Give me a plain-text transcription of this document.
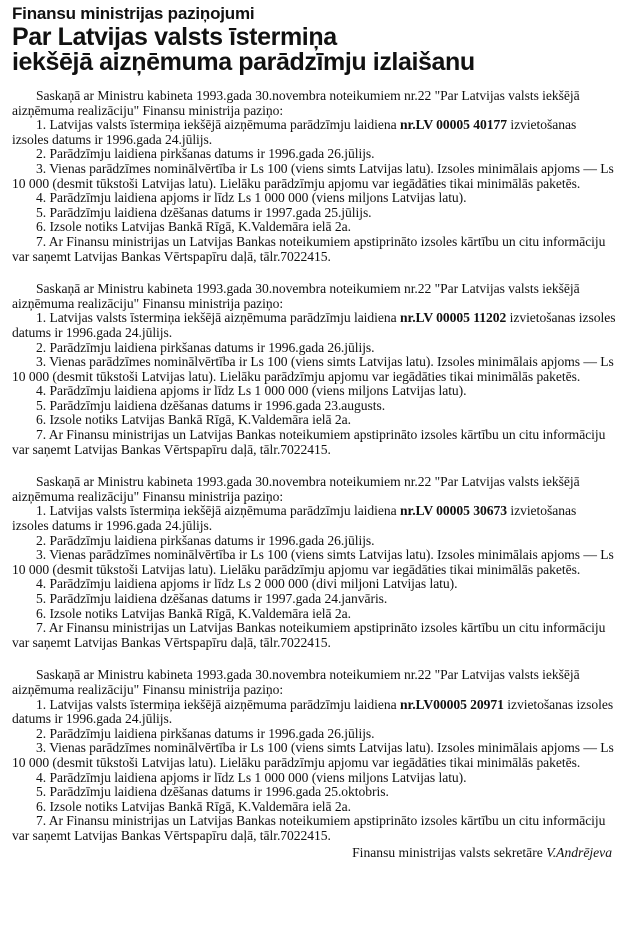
Finansu ministrijas paziņojumi
Par Latvijas valsts īstermiņa
iekšējā aizņēmuma parādzīmju izlaišanu

Saskaņā ar Ministru kabineta 1993.gada 30.novembra noteikumiem nr.22 "Par Latvijas valsts iekšējā aizņēmuma realizāciju" Finansu ministrija paziņo:

1. Latvijas valsts īstermiņa iekšējā aizņēmuma parādzīmju laidiena nr.LV 00005 40177 izvietošanas izsoles datums ir 1996.gada 24.jūlijs.

2. Parādzīmju laidiena pirkšanas datums ir 1996.gada 26.jūlijs.

3. Vienas parādzīmes nominālvērtība ir Ls 100 (viens simts Latvijas latu). Izsoles minimālais apjoms — Ls 10 000 (desmit tūkstoši Latvijas latu). Lielāku parādzīmju apjomu var iegādāties tikai minimālās paketēs.

4. Parādzīmju laidiena apjoms ir līdz Ls 1 000 000 (viens miljons Latvijas latu).

5. Parādzīmju laidiena dzēšanas datums ir 1997.gada 25.jūlijs.

6. Izsole notiks Latvijas Bankā Rīgā, K.Valdemāra ielā 2a.

7. Ar Finansu ministrijas un Latvijas Bankas noteikumiem apstiprināto izsoles kārtību un citu informāciju var saņemt Latvijas Bankas Vērtspapīru daļā, tālr.7022415.

Saskaņā ar Ministru kabineta 1993.gada 30.novembra noteikumiem nr.22 "Par Latvijas valsts iekšējā aizņēmuma realizāciju" Finansu ministrija paziņo:

1. Latvijas valsts īstermiņa iekšējā aizņēmuma parādzīmju laidiena nr.LV 00005 11202 izvietošanas izsoles datums ir 1996.gada 24.jūlijs.

2. Parādzīmju laidiena pirkšanas datums ir 1996.gada 26.jūlijs.

3. Vienas parādzīmes nominālvērtība ir Ls 100 (viens simts Latvijas latu). Izsoles minimālais apjoms — Ls 10 000 (desmit tūkstoši Latvijas latu). Lielāku parādzīmju apjomu var iegādāties tikai minimālās paketēs.

4. Parādzīmju laidiena apjoms ir līdz Ls 1 000 000 (viens miljons Latvijas latu).

5. Parādzīmju laidiena dzēšanas datums ir 1996.gada 23.augusts.

6. Izsole notiks Latvijas Bankā Rīgā, K.Valdemāra ielā 2a.

7. Ar Finansu ministrijas un Latvijas Bankas noteikumiem apstiprināto izsoles kārtību un citu informāciju var saņemt Latvijas Bankas Vērtspapīru daļā, tālr.7022415.

Saskaņā ar Ministru kabineta 1993.gada 30.novembra noteikumiem nr.22 "Par Latvijas valsts iekšējā aizņēmuma realizāciju" Finansu ministrija paziņo:

1. Latvijas valsts īstermiņa iekšējā aizņēmuma parādzīmju laidiena nr.LV 00005 30673 izvietošanas izsoles datums ir 1996.gada 24.jūlijs.

2. Parādzīmju laidiena pirkšanas datums ir 1996.gada 26.jūlijs.

3. Vienas parādzīmes nominālvērtība ir Ls 100 (viens simts Latvijas latu). Izsoles minimālais apjoms — Ls 10 000 (desmit tūkstoši Latvijas latu). Lielāku parādzīmju apjomu var iegādāties tikai minimālās paketēs.

4. Parādzīmju laidiena apjoms ir līdz Ls 2 000 000 (divi miljoni Latvijas latu).

5. Parādzīmju laidiena dzēšanas datums ir 1997.gada 24.janvāris.

6. Izsole notiks Latvijas Bankā Rīgā, K.Valdemāra ielā 2a.

7. Ar Finansu ministrijas un Latvijas Bankas noteikumiem apstiprināto izsoles kārtību un citu informāciju var saņemt Latvijas Bankas Vērtspapīru daļā, tālr.7022415.

Saskaņā ar Ministru kabineta 1993.gada 30.novembra noteikumiem nr.22 "Par Latvijas valsts iekšējā aizņēmuma realizāciju" Finansu ministrija paziņo:

1. Latvijas valsts īstermiņa iekšējā aizņēmuma parādzīmju laidiena nr.LV00005 20971 izvietošanas izsoles datums ir 1996.gada 24.jūlijs.

2. Parādzīmju laidiena pirkšanas datums ir 1996.gada 26.jūlijs.

3. Vienas parādzīmes nominālvērtība ir Ls 100 (viens simts Latvijas latu). Izsoles minimālais apjoms — Ls 10 000 (desmit tūkstoši Latvijas latu). Lielāku parādzīmju apjomu var iegādāties tikai minimālās paketēs.

4. Parādzīmju laidiena apjoms ir līdz Ls 1 000 000 (viens miljons Latvijas latu).

5. Parādzīmju laidiena dzēšanas datums ir 1996.gada 25.oktobris.

6. Izsole notiks Latvijas Bankā Rīgā, K.Valdemāra ielā 2a.

7. Ar Finansu ministrijas un Latvijas Bankas noteikumiem apstiprināto izsoles kārtību un citu informāciju var saņemt Latvijas Bankas Vērtspapīru daļā, tālr.7022415.

Finansu ministrijas valsts sekretāre V.Andrējeva
